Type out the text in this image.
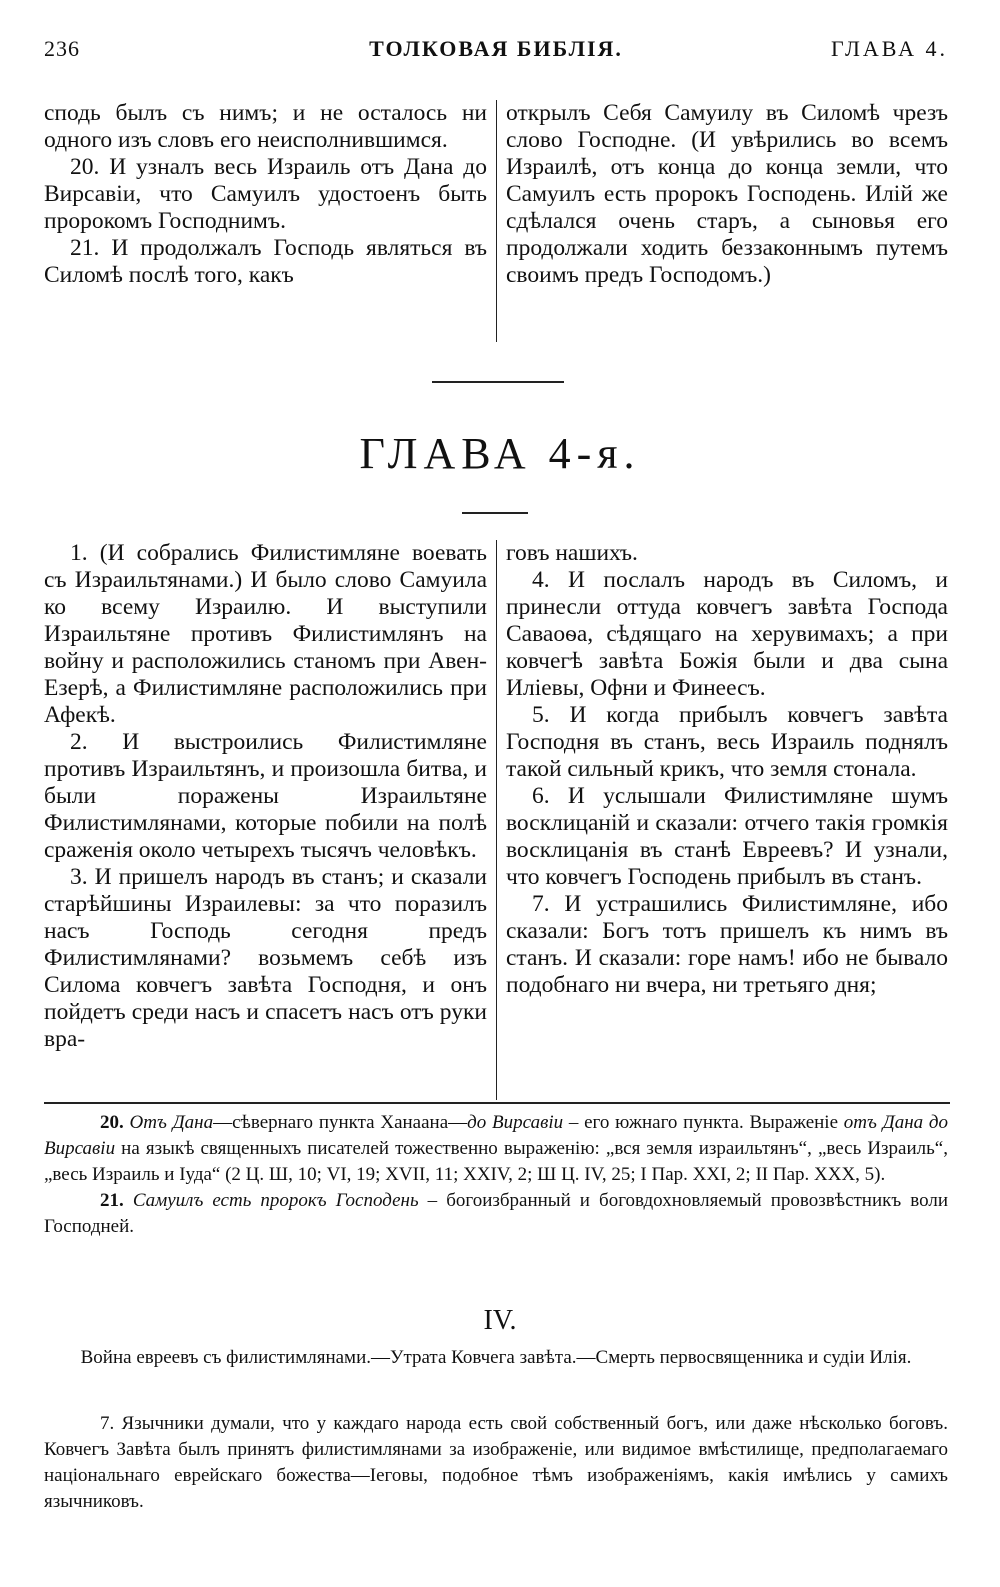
236	ТОЛКОВАЯ БИБЛІЯ.	ГЛАВА 4.

сподь былъ съ нимъ; и не осталось ни одного изъ словъ его неисполнившимся.

20. И узналъ весь Израиль отъ Дана до Вирсавіи, что Самуилъ удостоенъ быть пророкомъ Господнимъ.

21. И продолжалъ Господь являться въ Силомѣ послѣ того, какъ

открылъ Себя Самуилу въ Силомѣ чрезъ слово Господне. (И увѣрились во всемъ Израилѣ, отъ конца до конца земли, что Самуилъ есть пророкъ Господень. Илій же сдѣлался очень старъ, а сыновья его продолжали ходить беззаконнымъ путемъ своимъ предъ Господомъ.)

ГЛАВА 4-я.

1. (И собрались Филистимляне воевать съ Израильтянами.) И было слово Самуила ко всему Израилю. И выступили Израильтяне противъ Филистимлянъ на войну и расположились станомъ при Авен-Езерѣ, а Филистимляне расположились при Афекѣ.

2. И выстроились Филистимляне противъ Израильтянъ, и произошла битва, и были поражены Израильтяне Филистимлянами, которые побили на полѣ сраженія около четырехъ тысячъ человѣкъ.

3. И пришелъ народъ въ станъ; и сказали старѣйшины Израилевы: за что поразилъ насъ Господь сегодня предъ Филистимлянами? возьмемъ себѣ изъ Силома ковчегъ завѣта Господня, и онъ пойдетъ среди насъ и спасетъ насъ отъ руки вра-

говъ нашихъ.

4. И послалъ народъ въ Силомъ, и принесли оттуда ковчегъ завѣта Господа Саваоѳа, сѣдящаго на херувимахъ; а при ковчегѣ завѣта Божія были и два сына Иліевы, Офни и Финеесъ.

5. И когда прибылъ ковчегъ завѣта Господня въ станъ, весь Израиль поднялъ такой сильный крикъ, что земля стонала.

6. И услышали Филистимляне шумъ восклицаній и сказали: отчего такія громкія восклицанія въ станѣ Евреевъ? И узнали, что ковчегъ Господень прибылъ въ станъ.

7. И устрашились Филистимляне, ибо сказали: Богъ тотъ пришелъ къ нимъ въ станъ. И сказали: горе намъ! ибо не бывало подобнаго ни вчера, ни третьяго дня;

20. Отъ Дана—сѣвернаго пункта Ханаана—до Вирсавіи – его южнаго пункта. Выраженіе отъ Дана до Вирсавіи на языкѣ священныхъ писателей тожественно выраженію: „вся земля израильтянъ“, „весь Израиль“, „весь Израиль и Іуда“ (2 Ц. Ш, 10; VI, 19; XVII, 11; XXIV, 2; Ш Ц. IV, 25; I Пар. XXI, 2; II Пар. XXX, 5).

21. Самуилъ есть пророкъ Господень – богоизбранный и боговдохновляемый провозвѣстникъ воли Господней.

IV.

Война евреевъ съ филистимлянами.—Утрата Ковчега завѣта.—Смерть первосвященника и судіи Илія.

7. Язычники думали, что у каждаго народа есть свой собственный богъ, или даже нѣсколько боговъ. Ковчегъ Завѣта былъ принятъ филистимлянами за изображеніе, или видимое вмѣстилище, предполагаемаго національнаго еврейскаго божества—Іеговы, подобное тѣмъ изображеніямъ, какія имѣлись у самихъ язычниковъ.
